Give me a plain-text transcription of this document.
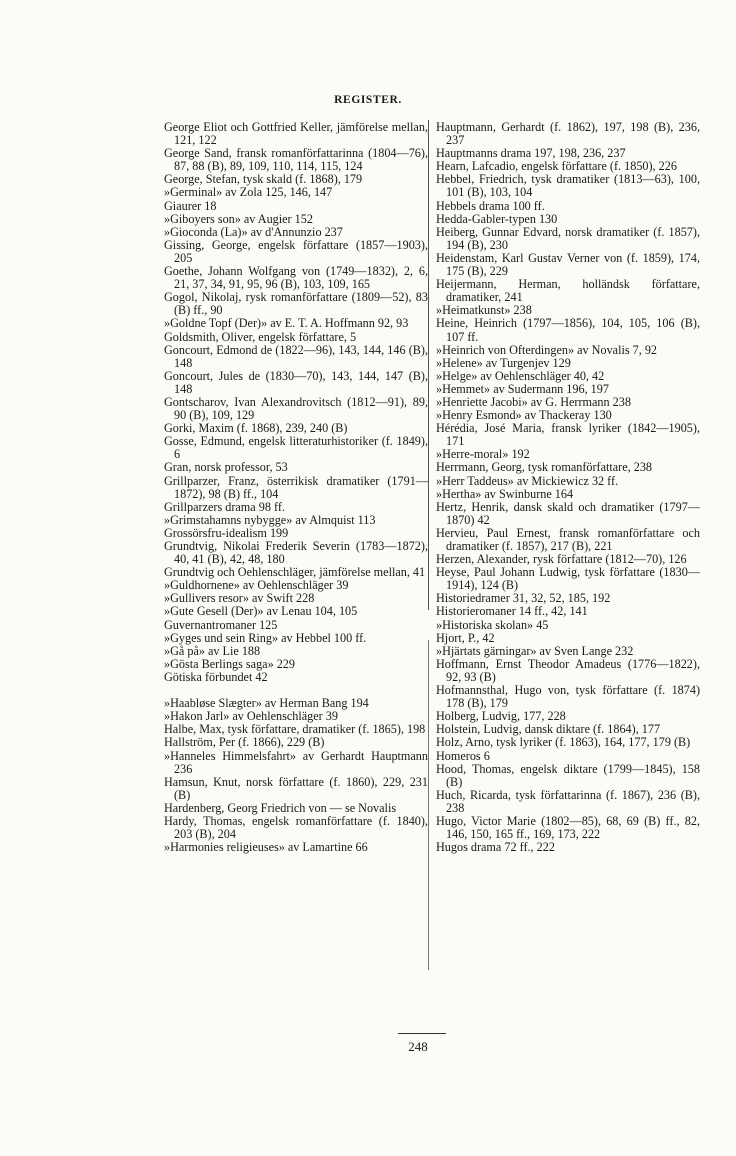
REGISTER.
George Eliot och Gottfried Keller, jämförelse mellan, 121, 122
George Sand, fransk romanförfattarinna (1804—76), 87, 88 (B), 89, 109, 110, 114, 115, 124
George, Stefan, tysk skald (f. 1868), 179
»Germinal» av Zola 125, 146, 147
Giaurer 18
»Giboyers son» av Augier 152
»Gioconda (La)» av d'Annunzio 237
Gissing, George, engelsk författare (1857—1903), 205
Goethe, Johann Wolfgang von (1749—1832), 2, 6, 21, 37, 34, 91, 95, 96 (B), 103, 109, 165
Gogol, Nikolaj, rysk romanförfattare (1809—52), 83 (B) ff., 90
»Goldne Topf (Der)» av E. T. A. Hoffmann 92, 93
Goldsmith, Oliver, engelsk författare, 5
Goncourt, Edmond de (1822—96), 143, 144, 146 (B), 148
Goncourt, Jules de (1830—70), 143, 144, 147 (B), 148
Gontscharov, Ivan Alexandrovitsch (1812—91), 89, 90 (B), 109, 129
Gorki, Maxim (f. 1868), 239, 240 (B)
Gosse, Edmund, engelsk litteraturhistoriker (f. 1849), 6
Gran, norsk professor, 53
Grillparzer, Franz, österrikisk dramatiker (1791—1872), 98 (B) ff., 104
Grillparzers drama 98 ff.
»Grimstahamns nybygge» av Almquist 113
Grossörsfru-idealism 199
Grundtvig, Nikolai Frederik Severin (1783—1872), 40, 41 (B), 42, 48, 180
Grundtvig och Oehlenschläger, jämförelse mellan, 41
»Guldhornene» av Oehlenschläger 39
»Gullivers resor» av Swift 228
»Gute Gesell (Der)» av Lenau 104, 105
Guvernantromaner 125
»Gyges und sein Ring» av Hebbel 100 ff.
»Gå på» av Lie 188
»Gösta Berlings saga» 229
Götiska förbundet 42
»Haabløse Slægter» av Herman Bang 194
»Hakon Jarl» av Oehlenschläger 39
Halbe, Max, tysk författare, dramatiker (f. 1865), 198
Hallström, Per (f. 1866), 229 (B)
»Hanneles Himmelsfahrt» av Gerhardt Hauptmann 236
Hamsun, Knut, norsk författare (f. 1860), 229, 231 (B)
Hardenberg, Georg Friedrich von — se Novalis
Hardy, Thomas, engelsk romanförfattare (f. 1840), 203 (B), 204
»Harmonies religieuses» av Lamartine 66
Hauptmann, Gerhardt (f. 1862), 197, 198 (B), 236, 237
Hauptmanns drama 197, 198, 236, 237
Hearn, Lafcadio, engelsk författare (f. 1850), 226
Hebbel, Friedrich, tysk dramatiker (1813—63), 100, 101 (B), 103, 104
Hebbels drama 100 ff.
Hedda-Gabler-typen 130
Heiberg, Gunnar Edvard, norsk dramatiker (f. 1857), 194 (B), 230
Heidenstam, Karl Gustav Verner von (f. 1859), 174, 175 (B), 229
Heijermann, Herman, holländsk författare, dramatiker, 241
»Heimatkunst» 238
Heine, Heinrich (1797—1856), 104, 105, 106 (B), 107 ff.
»Heinrich von Ofterdingen» av Novalis 7, 92
»Helene» av Turgenjev 129
»Helge» av Oehlenschläger 40, 42
»Hemmet» av Sudermann 196, 197
»Henriette Jacobi» av G. Herrmann 238
»Henry Esmond» av Thackeray 130
Hérédia, José Maria, fransk lyriker (1842—1905), 171
»Herre-moral» 192
Herrmann, Georg, tysk romanförfattare, 238
»Herr Taddeus» av Mickiewicz 32 ff.
»Hertha» av Swinburne 164
Hertz, Henrik, dansk skald och dramatiker (1797—1870) 42
Hervieu, Paul Ernest, fransk romanförfattare och dramatiker (f. 1857), 217 (B), 221
Herzen, Alexander, rysk författare (1812—70), 126
Heyse, Paul Johann Ludwig, tysk författare (1830—1914), 124 (B)
Historiedramer 31, 32, 52, 185, 192
Historieromaner 14 ff., 42, 141
»Historiska skolan» 45
Hjort, P., 42
»Hjärtats gärningar» av Sven Lange 232
Hoffmann, Ernst Theodor Amadeus (1776—1822), 92, 93 (B)
Hofmannsthal, Hugo von, tysk författare (f. 1874) 178 (B), 179
Holberg, Ludvig, 177, 228
Holstein, Ludvig, dansk diktare (f. 1864), 177
Holz, Arno, tysk lyriker (f. 1863), 164, 177, 179 (B)
Homeros 6
Hood, Thomas, engelsk diktare (1799—1845), 158 (B)
Huch, Ricarda, tysk författarinna (f. 1867), 236 (B), 238
Hugo, Victor Marie (1802—85), 68, 69 (B) ff., 82, 146, 150, 165 ff., 169, 173, 222
Hugos drama 72 ff., 222
248
